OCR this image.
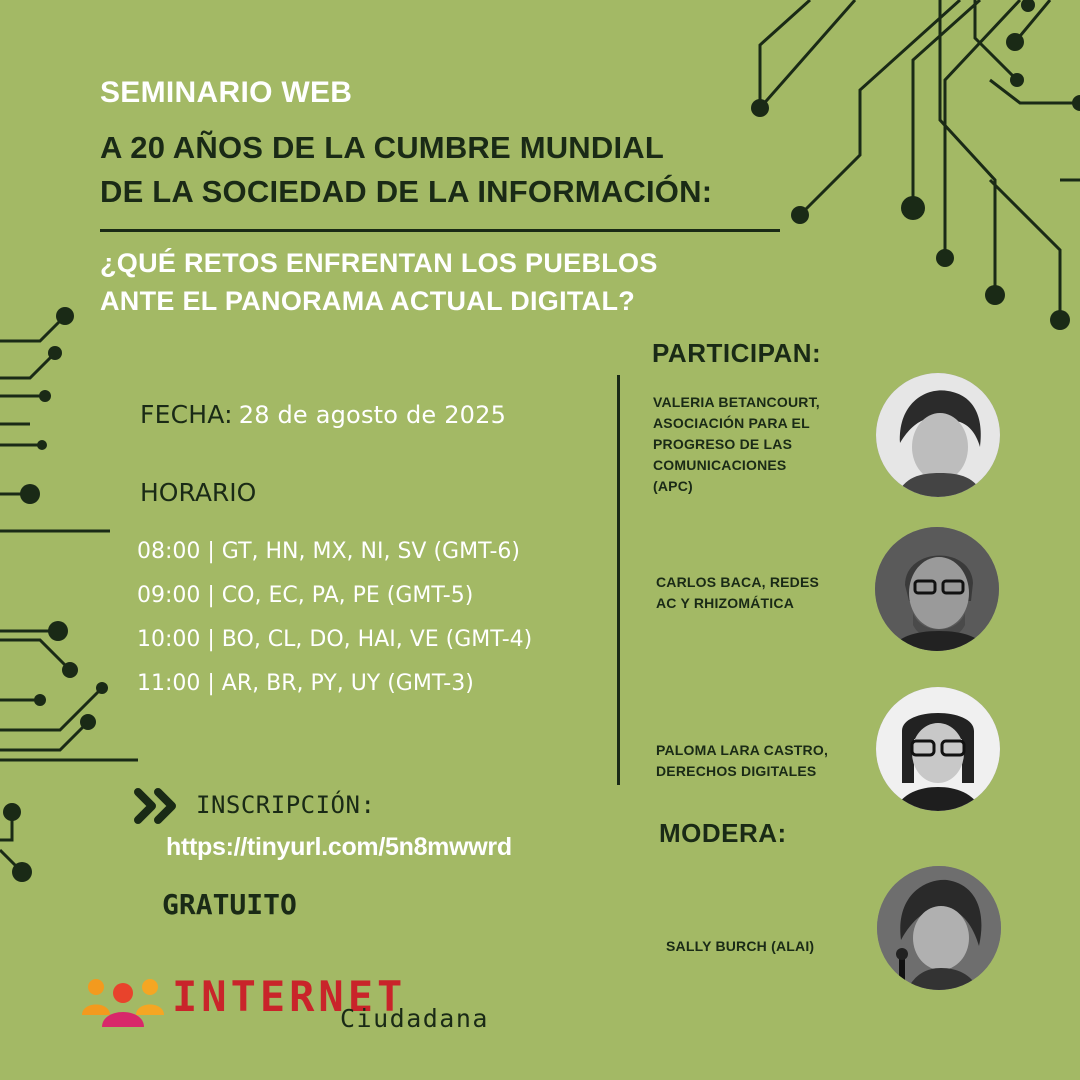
SEMINARIO WEB
A 20 AÑOS DE LA CUMBRE MUNDIAL
DE LA SOCIEDAD DE LA INFORMACIÓN:
¿QUÉ RETOS ENFRENTAN LOS PUEBLOS
ANTE EL PANORAMA ACTUAL DIGITAL?
FECHA: 28 de agosto de 2025
HORARIO
08:00 | GT, HN, MX, NI, SV (GMT-6)
09:00 | CO, EC, PA, PE (GMT-5)
10:00 | BO, CL, DO, HAI, VE (GMT-4)
11:00 | AR, BR, PY, UY (GMT-3)
INSCRIPCIÓN:
https://tinyurl.com/5n8mwwrd
GRATUITO
PARTICIPAN:
VALERIA BETANCOURT,
ASOCIACIÓN PARA EL
PROGRESO DE LAS
COMUNICACIONES
(APC)
CARLOS BACA, REDES
AC Y RHIZOMÁTICA
PALOMA LARA CASTRO,
DERECHOS DIGITALES
MODERA:
SALLY BURCH (ALAI)
INTERNET
Ciudadana
